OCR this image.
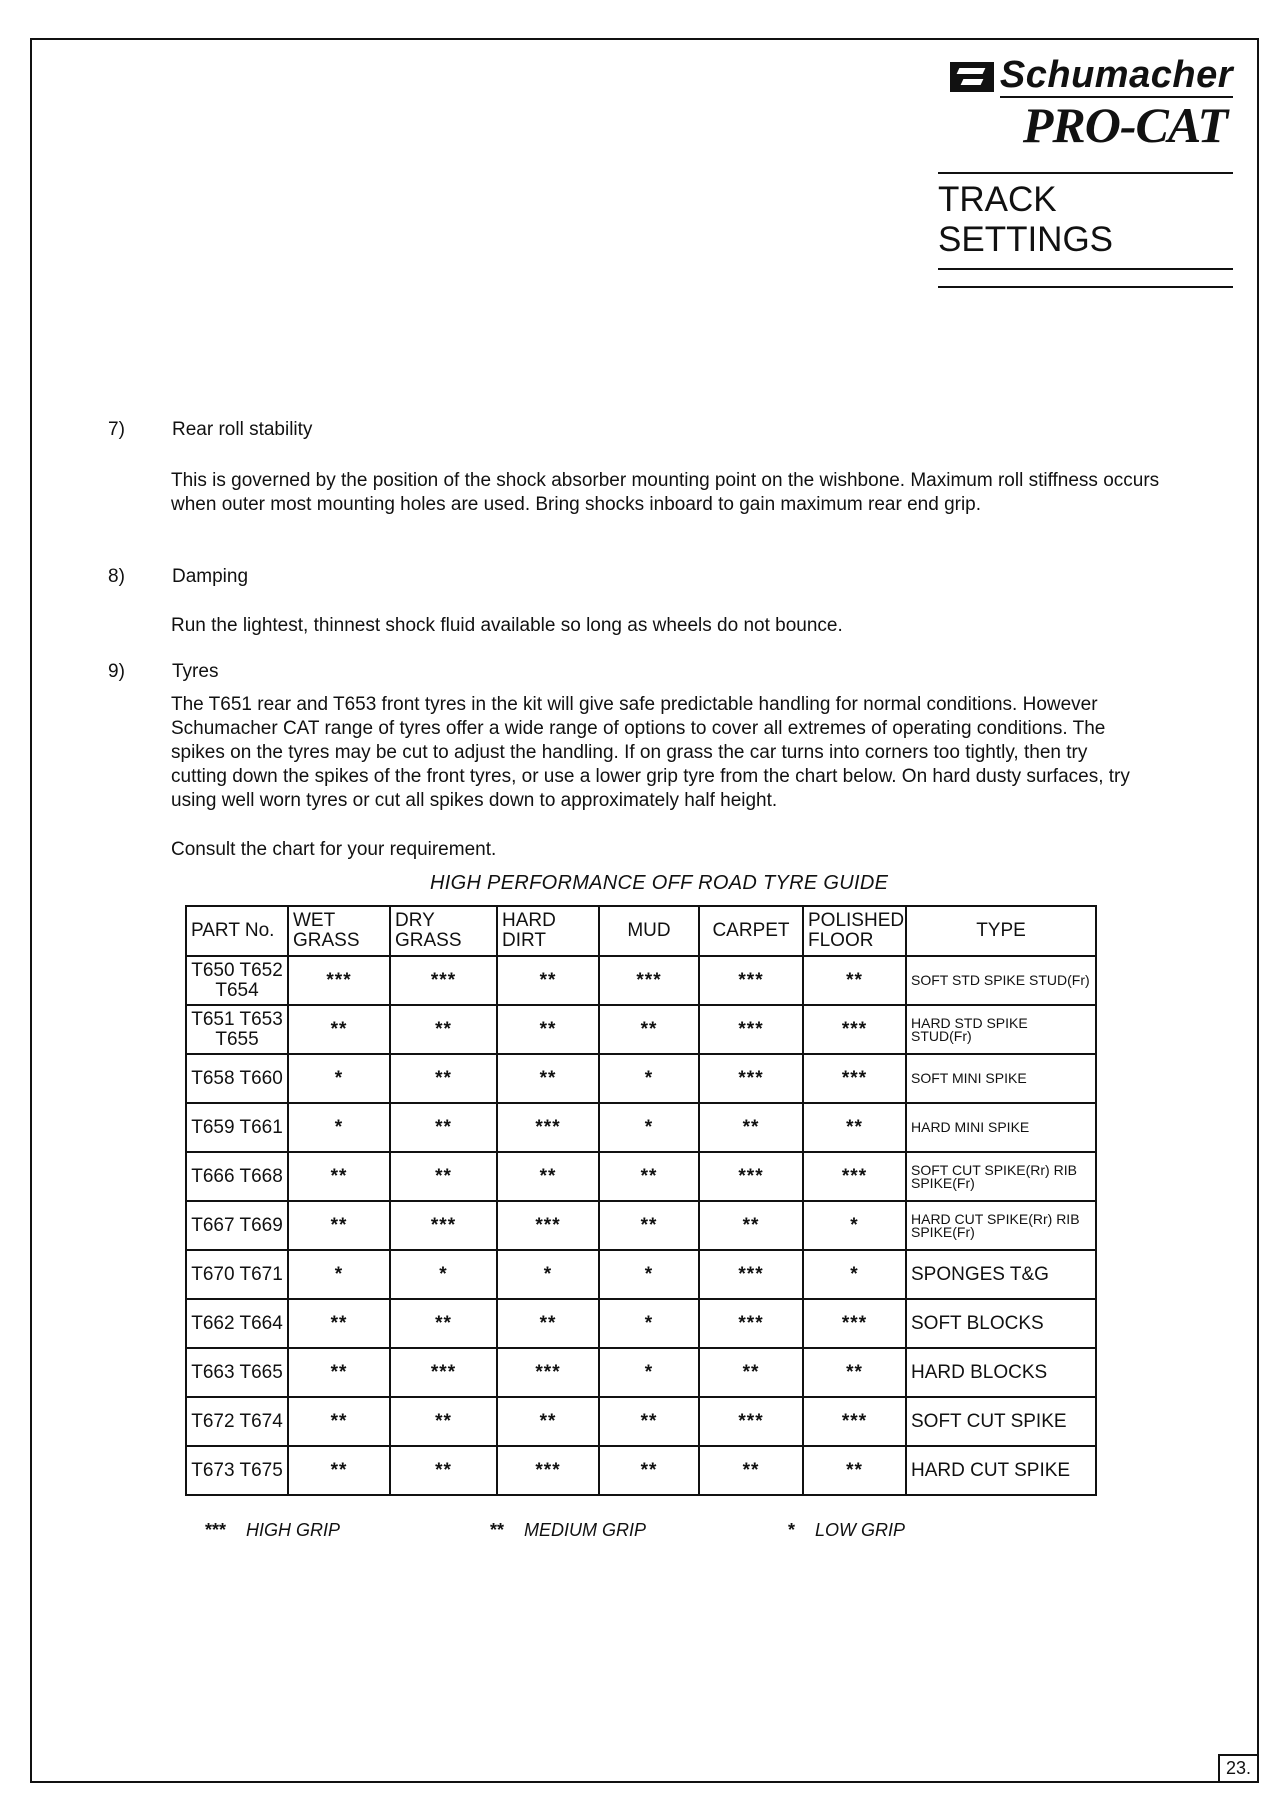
23.
Schumacher
PRO-CAT
TRACK SETTINGS
7)	Rear roll stability
This is governed by the position of the shock absorber mounting point on the wishbone. Maximum roll stiffness occurs when outer most mounting holes are used. Bring shocks inboard to gain maximum rear end grip.
8)	Damping
Run the lightest, thinnest shock fluid available so long as wheels do not bounce.
9)	Tyres
The T651 rear and T653 front tyres in the kit will give safe predictable handling for normal conditions. However Schumacher CAT range of tyres offer a wide range of options to cover all extremes of operating conditions. The spikes on the tyres may be cut to adjust the handling. If on grass the car turns into corners too tightly, then try cutting down the spikes of the front tyres, or use a lower grip tyre from the chart below. On hard dusty surfaces, try using well worn tyres or cut all spikes down to approximately half height.
Consult the chart for your requirement.
HIGH PERFORMANCE OFF ROAD TYRE GUIDE
PART No.	WET GRASS	DRY GRASS	HARD DIRT	MUD	CARPET	POLISHED FLOOR	TYPE
T650 T652 T654	***	***	**	***	***	**	SOFT STD SPIKE STUD(Fr)
T651 T653 T655	**	**	**	**	***	***	HARD STD SPIKE STUD(Fr)
T658 T660	*	**	**	*	***	***	SOFT MINI SPIKE
T659 T661	*	**	***	*	**	**	HARD MINI SPIKE
T666 T668	**	**	**	**	***	***	SOFT CUT SPIKE(Rr) RIB SPIKE(Fr)
T667 T669	**	***	***	**	**	*	HARD CUT SPIKE(Rr) RIB SPIKE(Fr)
T670 T671	*	*	*	*	***	*	SPONGES T&G
T662 T664	**	**	**	*	***	***	SOFT BLOCKS
T663 T665	**	***	***	*	**	**	HARD BLOCKS
T672 T674	**	**	**	**	***	***	SOFT CUT SPIKE
T673 T675	**	**	***	**	**	**	HARD CUT SPIKE
*** HIGH GRIP	** MEDIUM GRIP	* LOW GRIP
